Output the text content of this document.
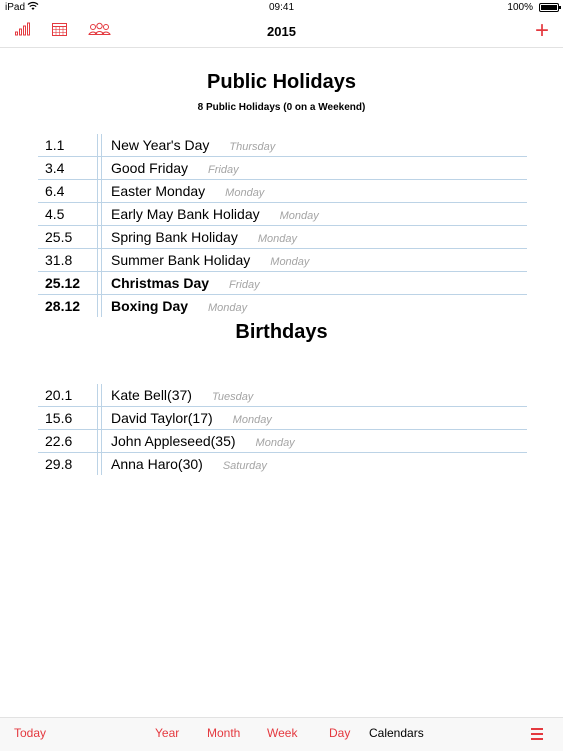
iPad	09:41	100%
2015	+
Public Holidays
8 Public Holidays (0 on a Weekend)
1.1	New Year's Day Thursday
3.4	Good Friday Friday
6.4	Easter Monday Monday
4.5	Early May Bank Holiday Monday
25.5	Spring Bank Holiday Monday
31.8	Summer Bank Holiday Monday
25.12 Christmas Day Friday
28.12 Boxing Day Monday
Birthdays
20.1	Kate Bell(37) Tuesday
15.6	David Taylor(17) Monday
22.6	John Appleseed(35) Monday
29.8	Anna Haro(30) Saturday
Today	Year Month Week	Day Calendars
